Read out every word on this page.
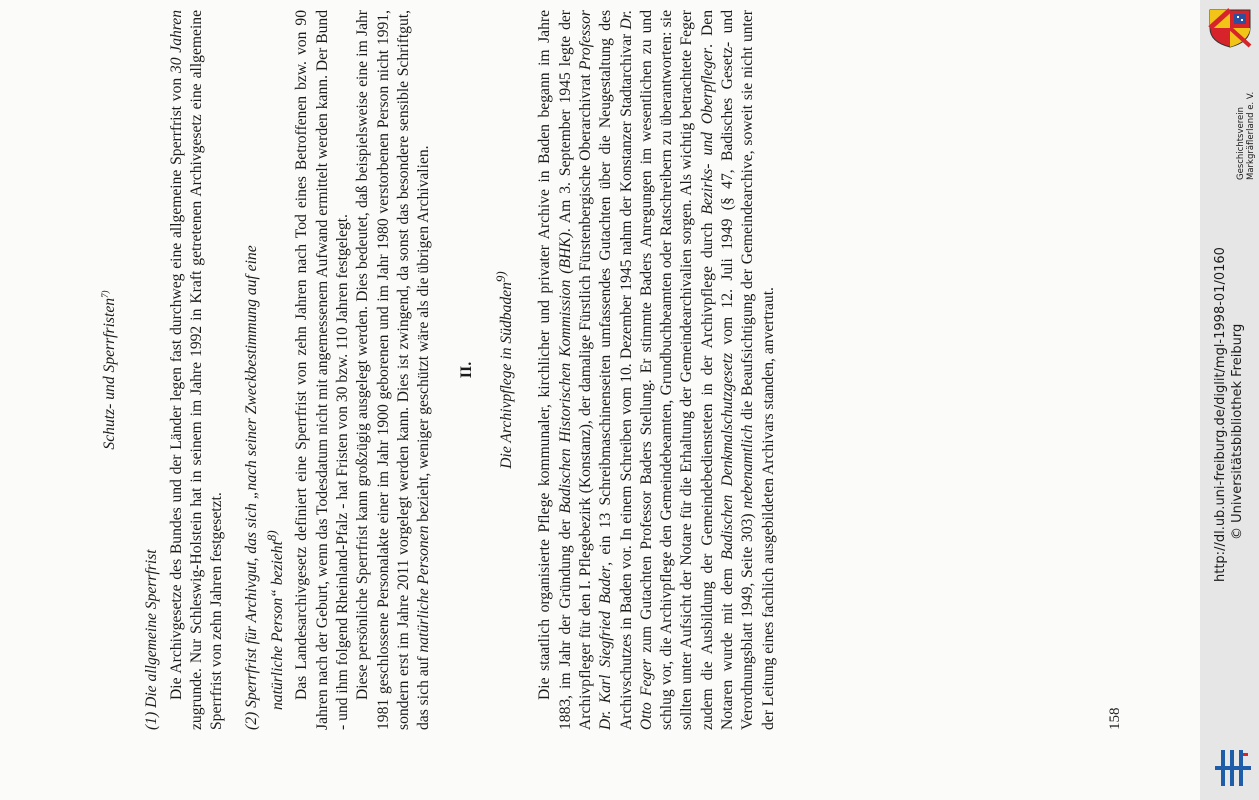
Schutz- und Sperrfristen$^{7)}$
(1) Die allgemeine Sperrfrist Die Archivgesetze des Bundes und der Länder legen fast durchweg eine allgemeine Sperrfrist von 30 Jahren zugrunde. Nur Schleswig-Holstein hat in seinem im Jahre 1992 in Kraft getretenen Archivgesetz eine allgemeine Sperrfrist von zehn Jahren festgesetzt. (2) Sperrfrist für Archivgut, das sich „nach seiner Zweckbestimmung auf eine natürliche Person“ bezieht$^{8)}$ Das Landesarchivgesetz definiert eine Sperrfrist von zehn Jahren nach Tod eines Betroffenen bzw. von 90 Jahren nach der Geburt, wenn das Todesdatum nicht mit angemessenem Aufwand ermittelt werden kann. Der Bund - und ihm folgend Rheinland-Pfalz - hat Fristen von 30 bzw. 110 Jahren festgelegt. Diese persönliche Sperrfrist kann großzügig ausgelegt werden. Dies bedeutet, daß beispielsweise eine im Jahr 1981 geschlossene Personalakte einer im Jahr 1900 geborenen und im Jahr 1980 verstorbenen Person nicht 1991, sondern erst im Jahre 2011 vorgelegt werden kann. Dies ist zwingend, da sonst das besondere sensible Schriftgut, das sich auf natürliche Personen bezieht, weniger geschützt wäre als die übrigen Archivalien. II.	Die Archivpflege in Südbaden$^{9)}$	Die staatlich organisierte Pflege kommunaler, kirchlicher und privater Archive in Baden begann im Jahre 1883, im Jahr der Gründung der Badischen Historischen Kommission (BHK). Am 3. September 1945 legte der Archivpfleger für den I. Pflegebezirk (Konstanz), der damalige Fürstlich Fürstenbergische Oberarchivrat Professor Dr. Karl Siegfried Bader, ein 13 Schreibmaschinenseiten umfassendes Gutachten über die Neugestaltung des Archivschutzes in Baden vor. In einem Schreiben vom 10. Dezember 1945 nahm der Konstanzer Stadtarchivar Dr. Otto Feger zum Gutachten Professor Baders Stellung. Er stimmte Baders Anregungen im wesentlichen zu und schlug vor, die Archivpflege den Gemeindebeamten, Grundbuchbeamten oder Ratschreibern zu überantworten: sie sollten unter Aufsicht der Notare für die Erhaltung der Gemeindearchivalien sorgen. Als wichtig betrachtete Feger zudem die Ausbildung der Gemeindebediensteten in der Archivpflege durch Bezirks- und Oberpfleger. Den Notaren wurde mit dem Badischen Denkmalschutzgesetz vom 12. Juli 1949 (§ 47, Badisches Gesetz- und Verordnungsblatt 1949, Seite 303) nebenamtlich die Beaufsichtigung der Gemeindearchive, soweit sie nicht unter der Leitung eines fachlich ausgebildeten Archivars standen, anvertraut.	158
Geschichtsverein Markgräflerland e. V.
http://dl.ub.uni-freiburg.de/diglit/mgl-1998-01/0160 © Universitätsbibliothek Freiburg
